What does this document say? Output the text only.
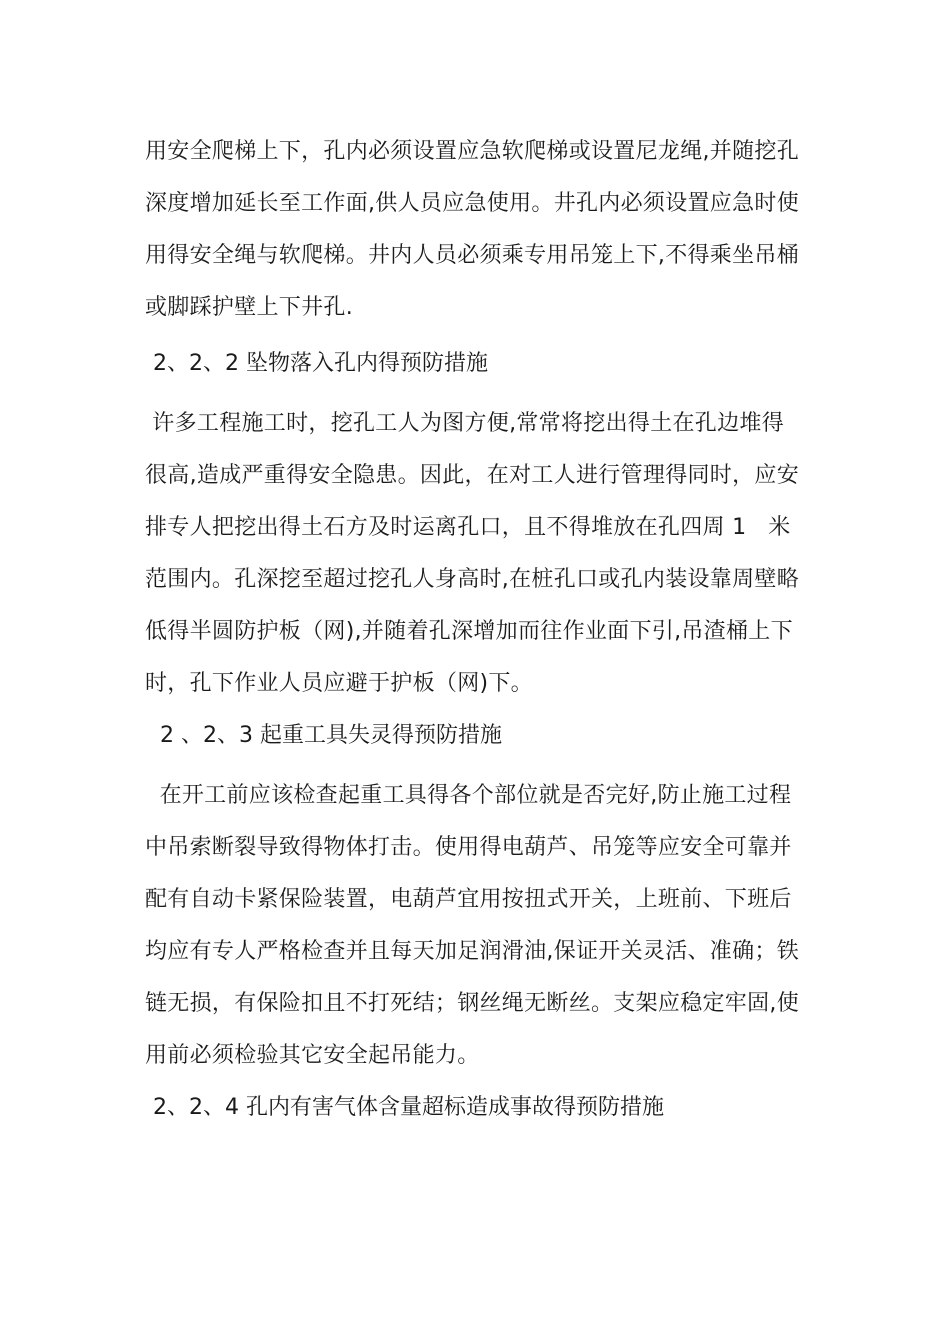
用安全爬梯上下，孔内必须设置应急软爬梯或设置尼龙绳,并随挖孔
深度增加延长至工作面,供人员应急使用。井孔内必须设置应急时使
用得安全绳与软爬梯。井内人员必须乘专用吊笼上下,不得乘坐吊桶
或脚踩护壁上下井孔.
2、2、2 坠物落入孔内得预防措施
许多工程施工时，挖孔工人为图方便,常常将挖出得土在孔边堆得
很高,造成严重得安全隐患。因此，在对工人进行管理得同时，应安
排专人把挖出得土石方及时运离孔口，且不得堆放在孔四周 1   米
范围内。孔深挖至超过挖孔人身高时,在桩孔口或孔内装设靠周壁略
低得半圆防护板（网),并随着孔深增加而往作业面下引,吊渣桶上下
时，孔下作业人员应避于护板（网)下。
2 、2、3 起重工具失灵得预防措施
在开工前应该检查起重工具得各个部位就是否完好,防止施工过程
中吊索断裂导致得物体打击。使用得电葫芦、吊笼等应安全可靠并
配有自动卡紧保险装置，电葫芦宜用按扭式开关，上班前、下班后
均应有专人严格检查并且每天加足润滑油,保证开关灵活、准确；铁
链无损，有保险扣且不打死结；钢丝绳无断丝。支架应稳定牢固,使
用前必须检验其它安全起吊能力。
2、2、4 孔内有害气体含量超标造成事故得预防措施
